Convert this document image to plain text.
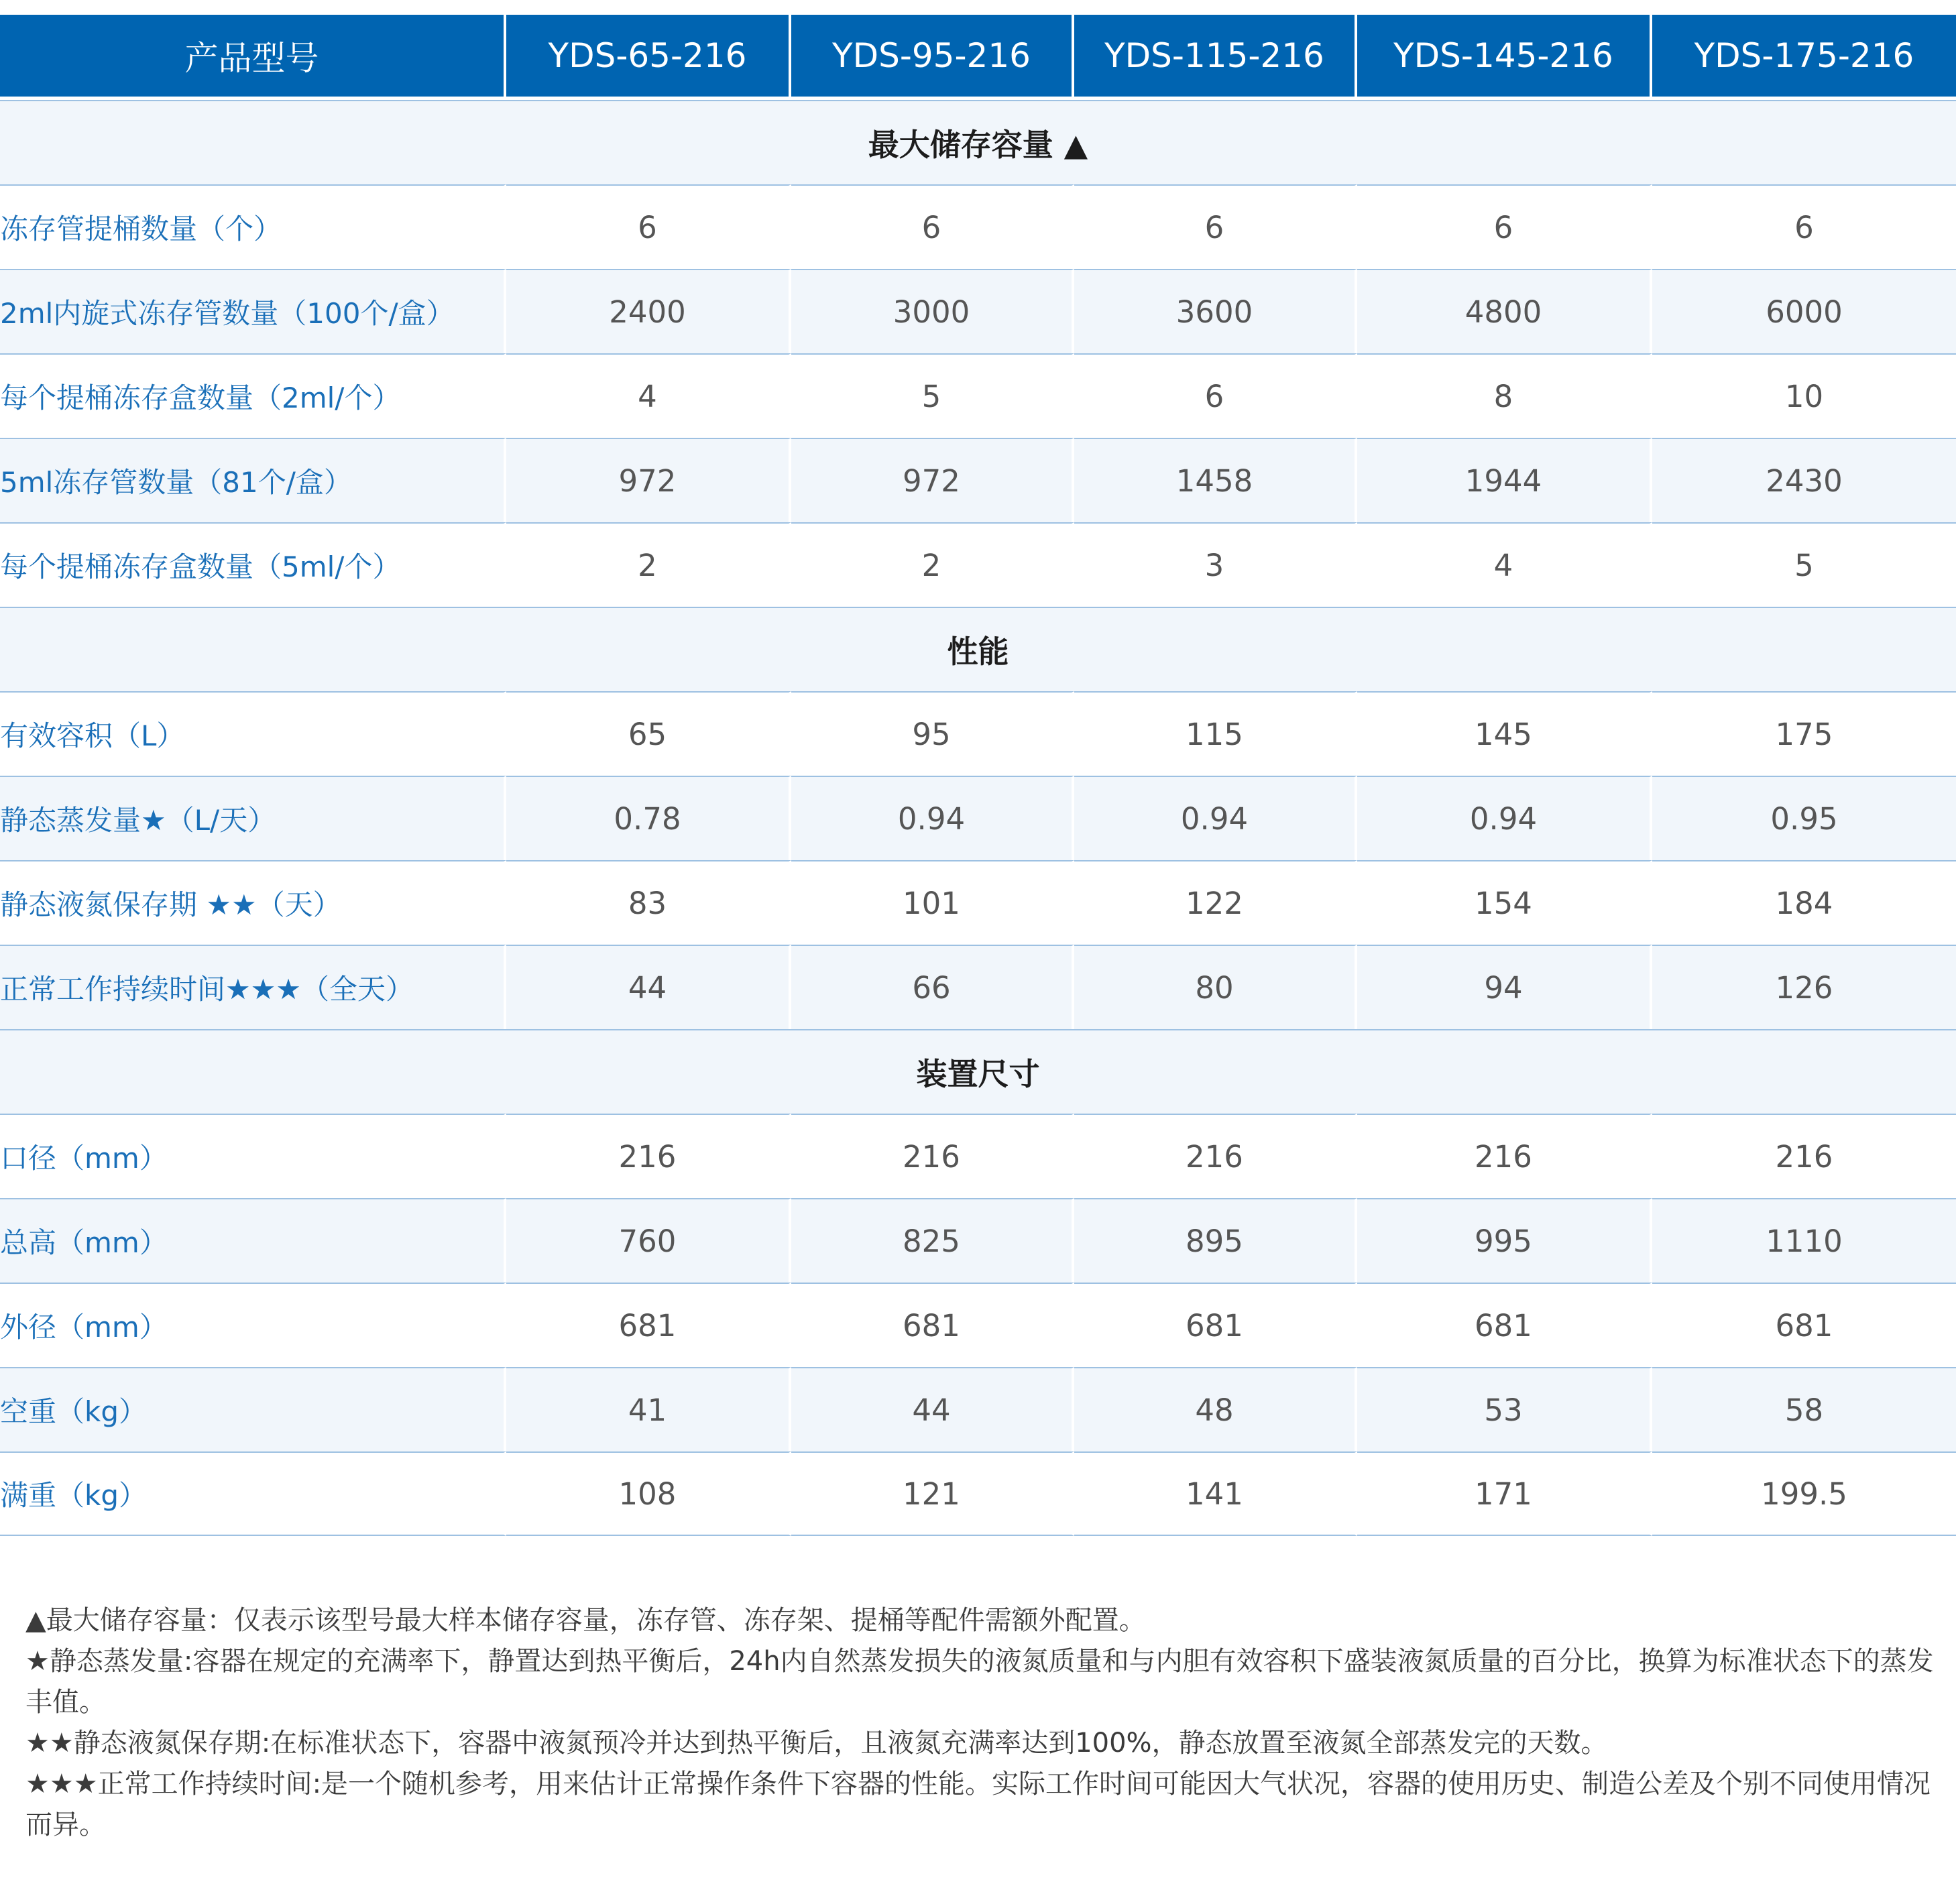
产品型号	YDS-65-216	YDS-95-216	YDS-115-216	YDS-145-216	YDS-175-216

最大储存容量 ▲					
冻存管提桶数量（个）	6	6	6	6	6
2ml内旋式冻存管数量（100个/盒）	2400	3000	3600	4800	6000
每个提桶冻存盒数量（2ml/个）	4	5	6	8	10
5ml冻存管数量（81个/盒）	972	972	1458	1944	2430
每个提桶冻存盒数量（5ml/个）	2	2	3	4	5
性能					
有效容积（L）	65	95	115	145	175
静态蒸发量★（L/天）	0.78	0.94	0.94	0.94	0.95
静态液氮保存期 ★★（天）	83	101	122	154	184
正常工作持续时间★★★（全天）	44	66	80	94	126
装置尺寸					
口径（mm）	216	216	216	216	216
总高（mm）	760	825	895	995	1110
外径（mm）	681	681	681	681	681
空重（kg）	41	44	48	53	58
满重（kg）	108	121	141	171	199.5

▲最大储存容量：仅表示该型号最大样本储存容量，冻存管、冻存架、提桶等配件需额外配置。

★静态蒸发量:容器在规定的充满率下，静置达到热平衡后，24h内自然蒸发损失的液氮质量和与内胆有效容积下盛装液氮质量的百分比，换算为标准状态下的蒸发丰值。

★★静态液氮保存期:在标准状态下，容器中液氮预冷并达到热平衡后，且液氮充满率达到100%，静态放置至液氮全部蒸发完的天数。

★★★正常工作持续时间:是一个随机参考，用来估计正常操作条件下容器的性能。实际工作时间可能因大气状况，容器的使用历史、制造公差及个别不同使用情况而异。
